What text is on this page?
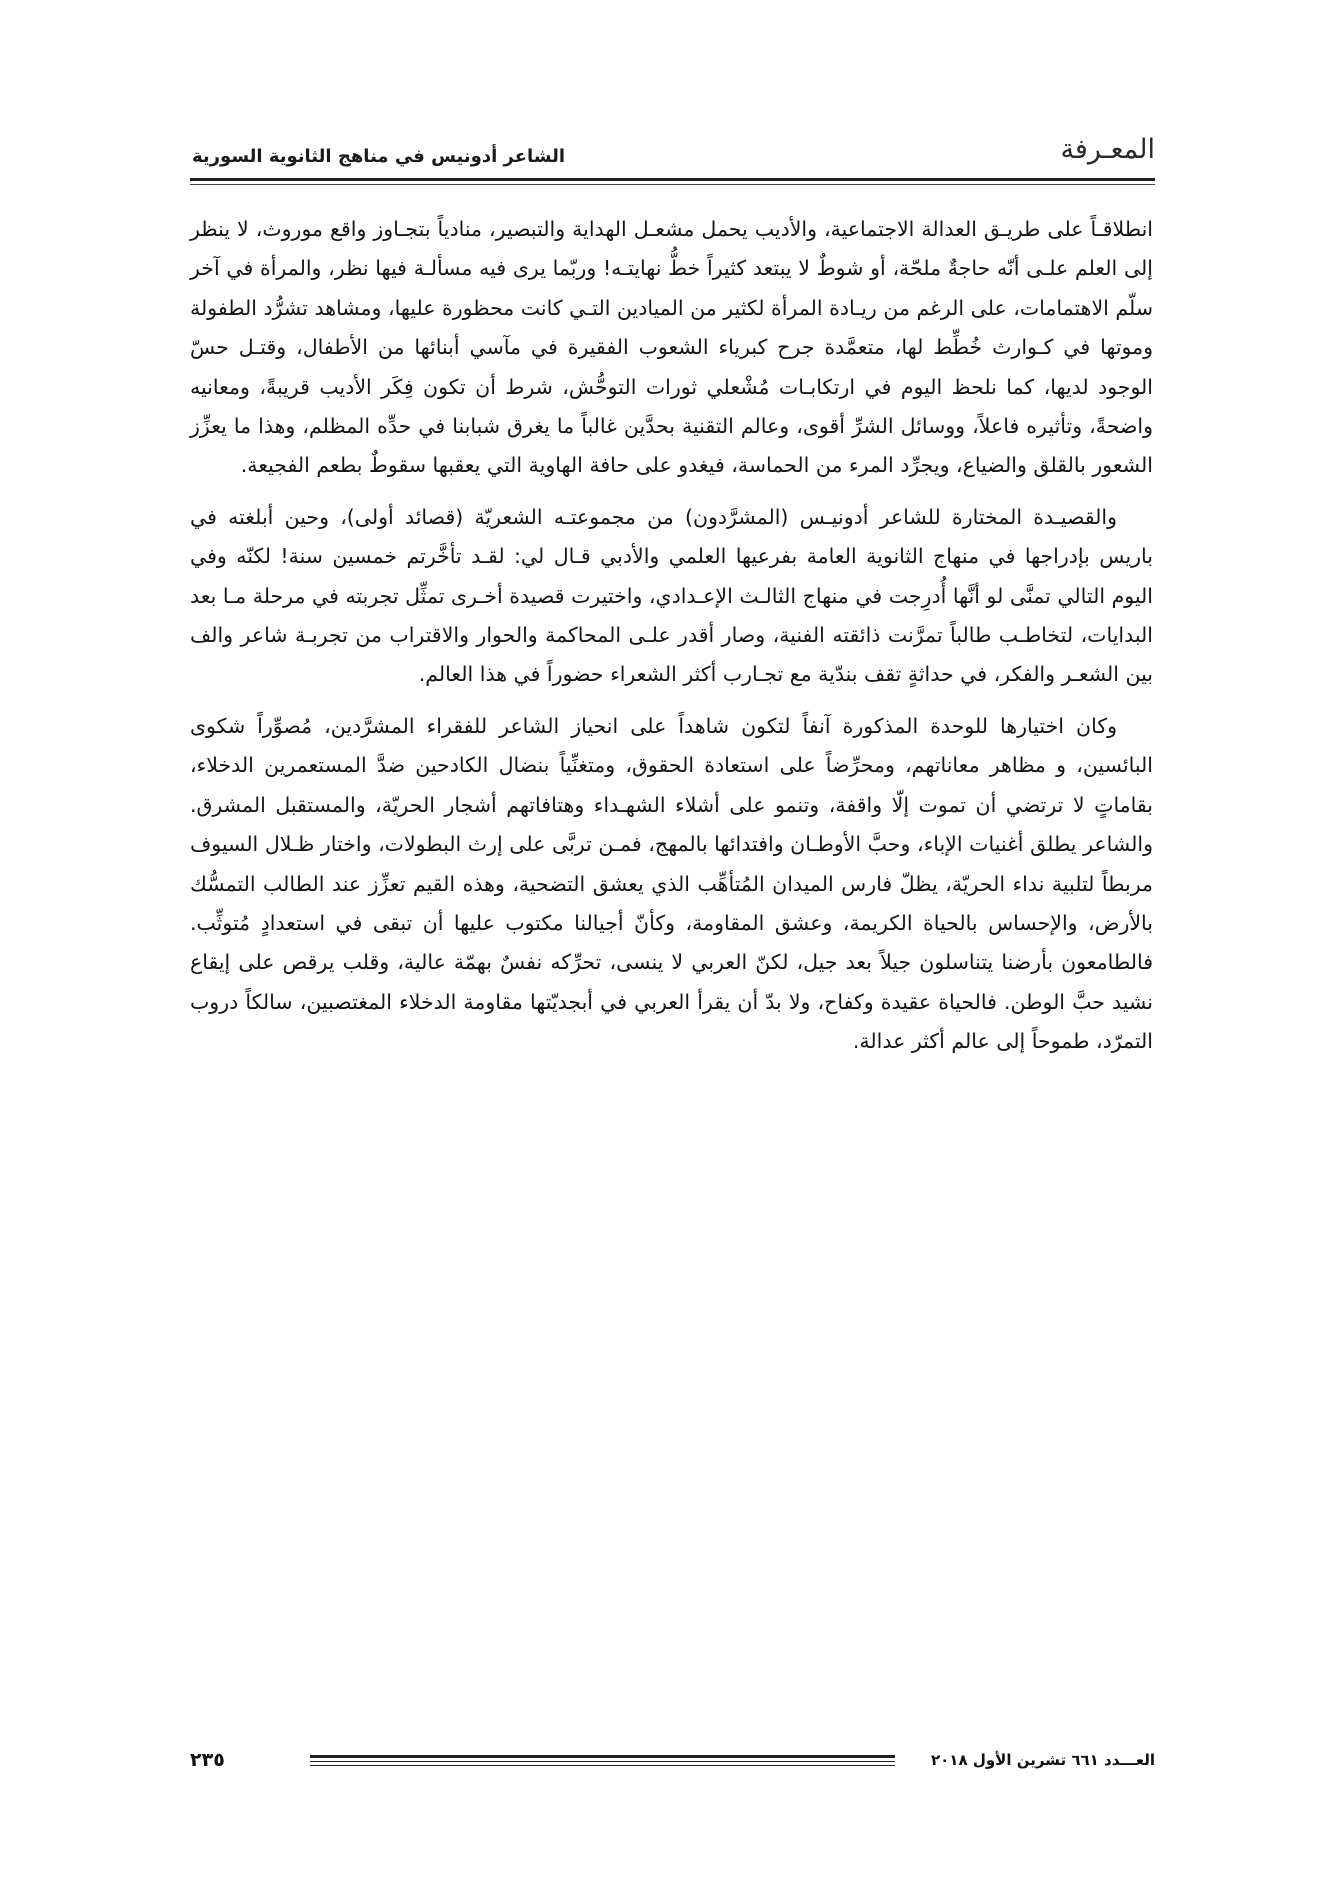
المعـرفة
الشاعر أدونيس في مناهج الثانوية السورية

انطلاقـاً على طريـق العدالة الاجتماعية، والأديب يحمل مشعـل الهداية والتبصير، منادياً بتجـاوز واقع موروث، لا ينظر إلى العلم علـى أنّه حاجةٌ ملحّة، أو شوطٌ لا يبتعد كثيراً خطُّ نهايتـه! وربّما يرى فيه مسألـة فيها نظر، والمرأة في آخر سلّم الاهتمامات، على الرغم من ريـادة المرأة لكثير من الميادين التـي كانت محظورة عليها، ومشاهد تشرُّد الطفولة وموتها في كـوارث خُطِّط لها، متعمَّدة جرح كبرياء الشعوب الفقيرة في مآسي أبنائها من الأطفال، وقتـل حسّ الوجود لديها، كما نلحظ اليوم في ارتكابـات مُشْعلي ثورات التوحُّش، شرط أن تكون فِكَر الأديب قريبةً، ومعانيه واضحةً، وتأثيره فاعلاً، ووسائل الشرِّ أقوى، وعالم التقنية بحدَّين غالباً ما يغرق شبابنا في حدِّه المظلم، وهذا ما يعزِّز الشعور بالقلق والضياع، ويجرِّد المرء من الحماسة، فيغدو على حافة الهاوية التي يعقبها سقوطٌ بطعم الفجيعة.

والقصيـدة المختارة للشاعر أدونيـس (المشرَّدون) من مجموعتـه الشعريّة (قصائد أولى)، وحين أبلغته في باريس بإدراجها في منهاج الثانوية العامة بفرعيها العلمي والأدبي قـال لي: لقـد تأخَّرتم خمسين سنة! لكنّه وفي اليوم التالي تمنَّى لو أنَّها أُدرِجت في منهاج الثالـث الإعـدادي، واختيرت قصيدة أخـرى تمثِّل تجربته في مرحلة مـا بعد البدايات، لتخاطـب طالباً تمرَّنت ذائقته الفنية، وصار أقدر علـى المحاكمة والحوار والاقتراب من تجربـة شاعر والف بين الشعـر والفكر، في حداثةٍ تقف بندّية مع تجـارب أكثر الشعراء حضوراً في هذا العالم.

وكان اختيارها للوحدة المذكورة آنفاً لتكون شاهداً على انحياز الشاعر للفقراء المشرَّدين، مُصوِّراً شكوى البائسين، و مظاهر معاناتهم، ومحرِّضاً على استعادة الحقوق، ومتغنِّياً بنضال الكادحين ضدَّ المستعمرين الدخلاء، بقاماتٍ لا ترتضي أن تموت إلّا واقفة، وتنمو على أشلاء الشهـداء وهتافاتهم أشجار الحريّة، والمستقبل المشرق. والشاعر يطلق أغنيات الإباء، وحبَّ الأوطـان وافتدائها بالمهج، فمـن تربَّى على إرث البطولات، واختار ظـلال السيوف مربطاً لتلبية نداء الحريّة، يظلّ فارس الميدان المُتأهِّب الذي يعشق التضحية، وهذه القيم تعزِّز عند الطالب التمسُّك بالأرض، والإحساس بالحياة الكريمة، وعشق المقاومة، وكأنّ أجيالنا مكتوب عليها أن تبقى في استعدادٍ مُتوثِّب. فالطامعون بأرضنا يتناسلون جيلاً بعد جيل، لكنّ العربي لا ينسى، تحرِّكه نفسٌ بهمّة عالية، وقلب يرقص على إيقاع نشيد حبَّ الوطن. فالحياة عقيدة وكفاح، ولا بدّ أن يقرأ العربي في أبجديّتها مقاومة الدخلاء المغتصبين، سالكاً دروب التمرّد، طموحاً إلى عالم أكثر عدالة.

٢٣٥	العـــدد ٦٦١ تشرين الأول ٢٠١٨
